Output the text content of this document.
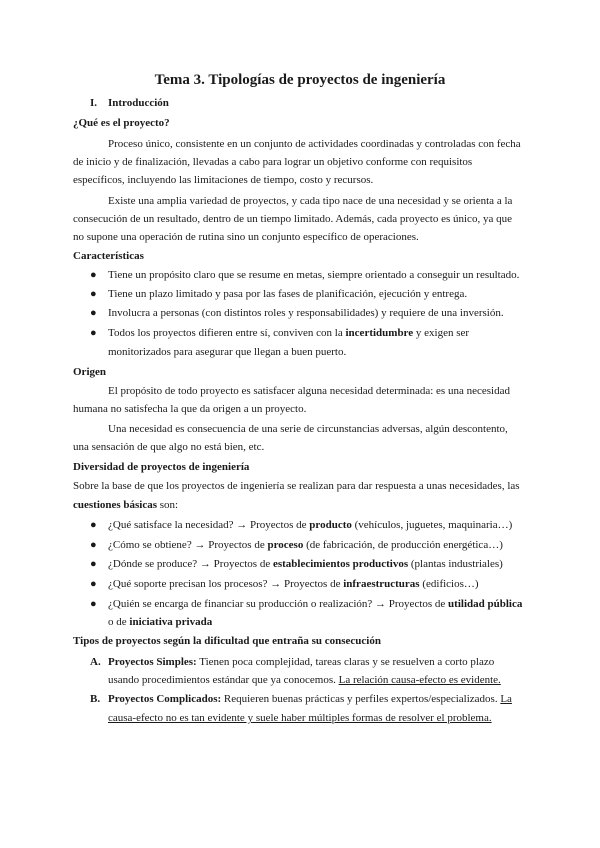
Tema 3. Tipologías de proyectos de ingeniería

I. Introducción

¿Qué es el proyecto?

Proceso único, consistente en un conjunto de actividades coordinadas y controladas con fecha

de inicio y de finalización, llevadas a cabo para lograr un objetivo conforme con requisitos

específicos, incluyendo las limitaciones de tiempo, costo y recursos.

Existe una amplia variedad de proyectos, y cada tipo nace de una necesidad y se orienta a la

consecución de un resultado, dentro de un tiempo limitado. Además, cada proyecto es único, ya que

no supone una operación de rutina sino un conjunto específico de operaciones.

Características

● Tiene un propósito claro que se resume en metas, siempre orientado a conseguir un resultado.

● Tiene un plazo limitado y pasa por las fases de planificación, ejecución y entrega.

● Involucra a personas (con distintos roles y responsabilidades) y requiere de una inversión.

● Todos los proyectos difieren entre sí, conviven con la incertidumbre y exigen ser

monitorizados para asegurar que llegan a buen puerto.

Origen

El propósito de todo proyecto es satisfacer alguna necesidad determinada: es una necesidad

humana no satisfecha la que da origen a un proyecto.

Una necesidad es consecuencia de una serie de circunstancias adversas, algún descontento,

una sensación de que algo no está bien, etc.

Diversidad de proyectos de ingeniería

Sobre la base de que los proyectos de ingeniería se realizan para dar respuesta a unas necesidades, las

cuestiones básicas son:

● ¿Qué satisface la necesidad? → Proyectos de producto (vehículos, juguetes, maquinaria…)

● ¿Cómo se obtiene? → Proyectos de proceso (de fabricación, de producción energética…)

● ¿Dónde se produce? → Proyectos de establecimientos productivos (plantas industriales)

● ¿Qué soporte precisan los procesos? → Proyectos de infraestructuras (edificios…)

● ¿Quién se encarga de financiar su producción o realización? → Proyectos de utilidad pública

o de iniciativa privada

Tipos de proyectos según la dificultad que entraña su consecución

A. Proyectos Simples: Tienen poca complejidad, tareas claras y se resuelven a corto plazo

usando procedimientos estándar que ya conocemos. La relación causa-efecto es evidente.

B. Proyectos Complicados: Requieren buenas prácticas y perfiles expertos/especializados. La

causa-efecto no es tan evidente y suele haber múltiples formas de resolver el problema.
